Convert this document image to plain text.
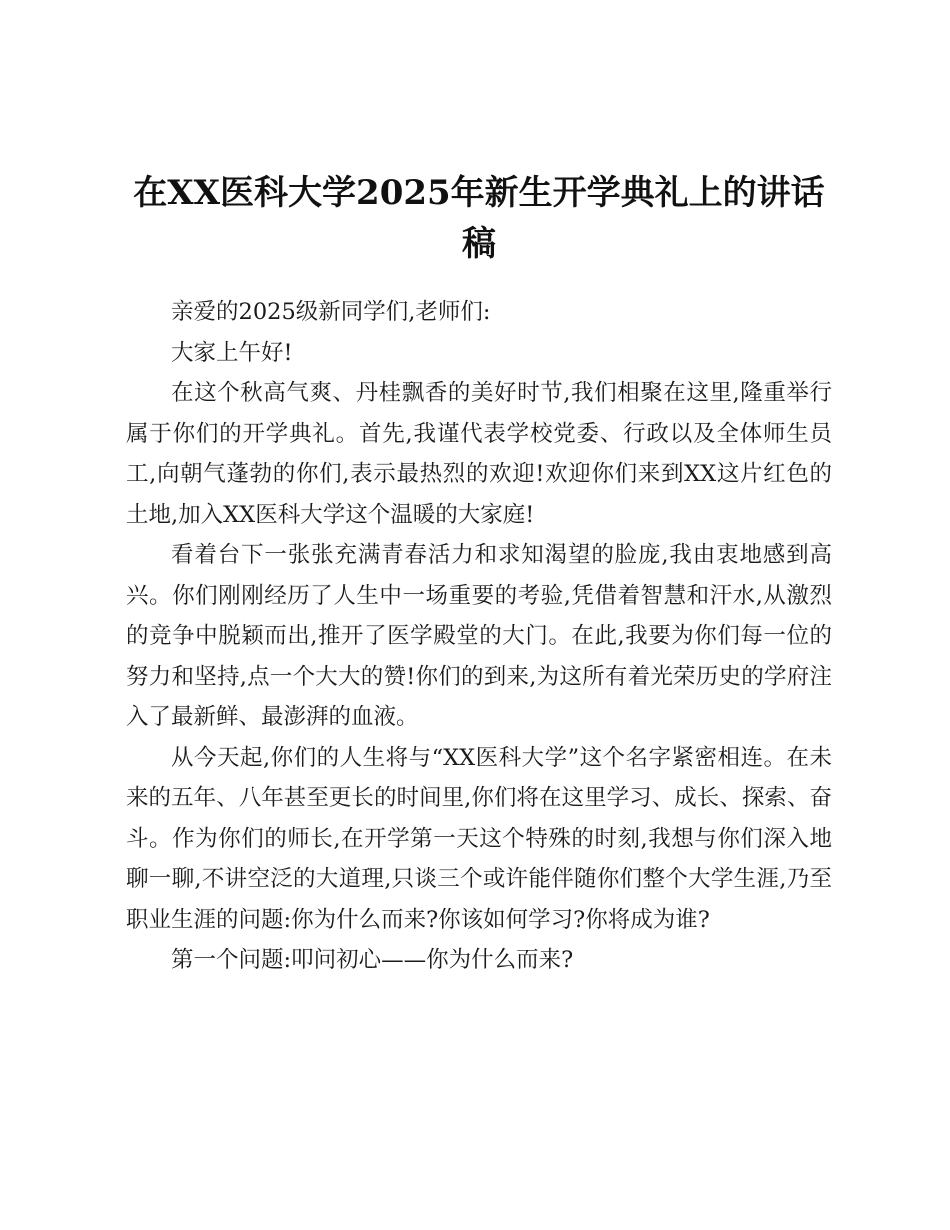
在XX医科大学2025年新生开学典礼上的讲话稿

亲爱的2025级新同学们,老师们:

大家上午好!

在这个秋高气爽、丹桂飘香的美好时节,我们相聚在这里,隆重举行属于你们的开学典礼。首先,我谨代表学校党委、行政以及全体师生员工,向朝气蓬勃的你们,表示最热烈的欢迎!欢迎你们来到XX这片红色的土地,加入XX医科大学这个温暖的大家庭!

看着台下一张张充满青春活力和求知渴望的脸庞,我由衷地感到高兴。你们刚刚经历了人生中一场重要的考验,凭借着智慧和汗水,从激烈的竞争中脱颖而出,推开了医学殿堂的大门。在此,我要为你们每一位的努力和坚持,点一个大大的赞!你们的到来,为这所有着光荣历史的学府注入了最新鲜、最澎湃的血液。

从今天起,你们的人生将与“XX医科大学”这个名字紧密相连。在未来的五年、八年甚至更长的时间里,你们将在这里学习、成长、探索、奋斗。作为你们的师长,在开学第一天这个特殊的时刻,我想与你们深入地聊一聊,不讲空泛的大道理,只谈三个或许能伴随你们整个大学生涯,乃至职业生涯的问题:你为什么而来?你该如何学习?你将成为谁?

第一个问题:叩问初心——你为什么而来?
